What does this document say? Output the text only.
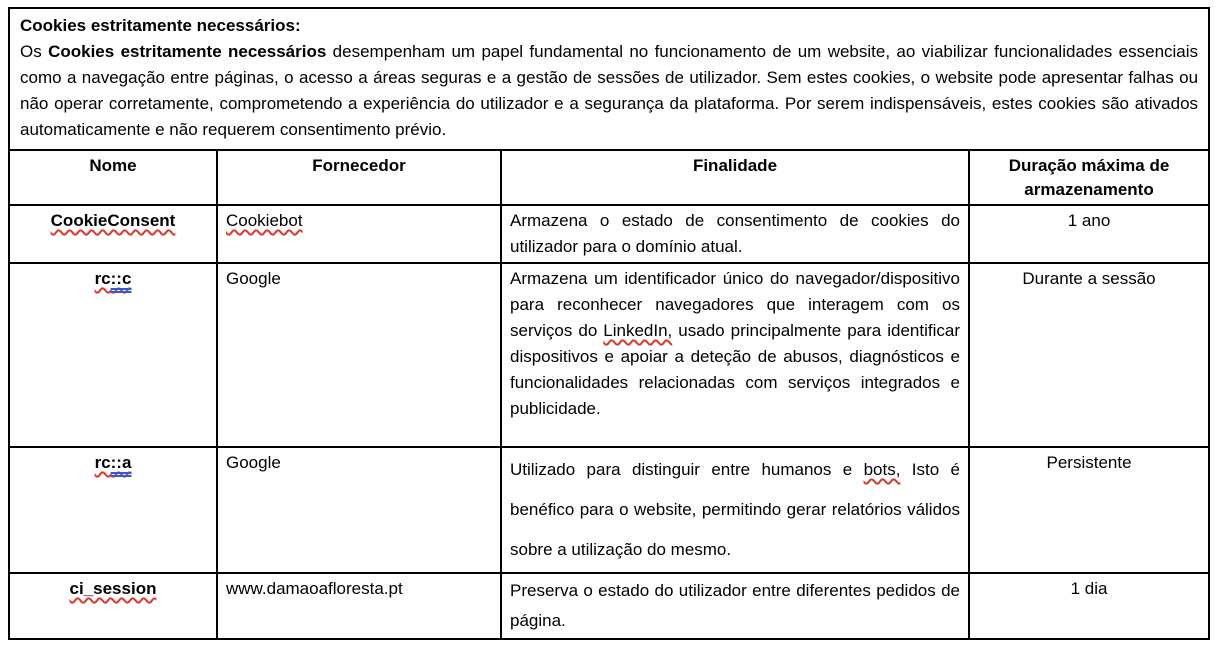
Cookies estritamente necessários:
Os Cookies estritamente necessários desempenham um papel fundamental no funcionamento de um website, ao viabilizar funcionalidades essenciais como a navegação entre páginas, o acesso a áreas seguras e a gestão de sessões de utilizador. Sem estes cookies, o website pode apresentar falhas ou não operar corretamente, comprometendo a experiência do utilizador e a segurança da plataforma. Por serem indispensáveis, estes cookies são ativados automaticamente e não requerem consentimento prévio.			

Nome	Fornecedor	Finalidade	Duração máxima de armazenamento
CookieConsent	Cookiebot	Armazena o estado de consentimento de cookies do utilizador para o domínio atual.	1 ano
rc::c	Google	Armazena um identificador único do navegador/dispositivo para reconhecer navegadores que interagem com os serviços do LinkedIn, usado principalmente para identificar dispositivos e apoiar a deteção de abusos, diagnósticos e funcionalidades relacionadas com serviços integrados e publicidade.	Durante a sessão
rc::a	Google	Utilizado para distinguir entre humanos e bots, Isto é benéfico para o website, permitindo gerar relatórios válidos sobre a utilização do mesmo.	Persistente
ci_session	www.damaoafloresta.pt	Preserva o estado do utilizador entre diferentes pedidos de página.	1 dia
